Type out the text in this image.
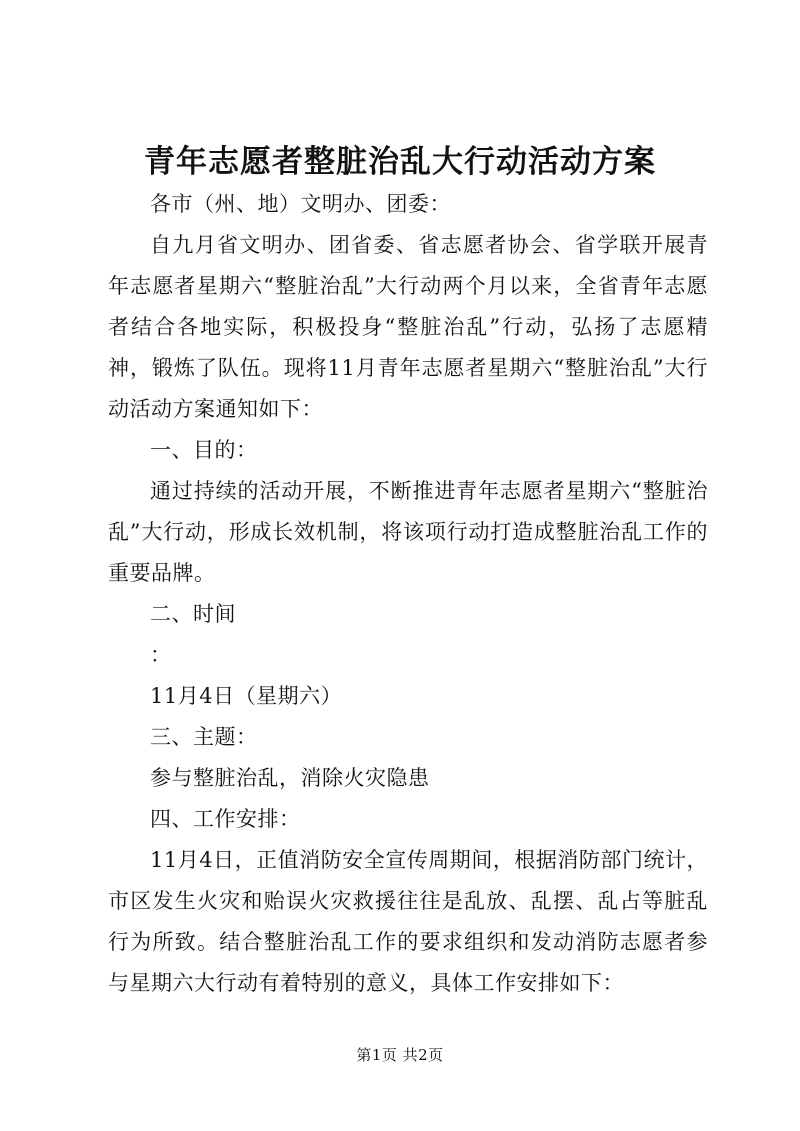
青年志愿者整脏治乱大行动活动方案

各市（州、地）文明办、团委：

自九月省文明办、团省委、省志愿者协会、省学联开展青年志愿者星期六“整脏治乱”大行动两个月以来，全省青年志愿者结合各地实际，积极投身“整脏治乱”行动，弘扬了志愿精神，锻炼了队伍。现将11月青年志愿者星期六“整脏治乱”大行动活动方案通知如下：

一、目的：

通过持续的活动开展，不断推进青年志愿者星期六“整脏治乱”大行动，形成长效机制，将该项行动打造成整脏治乱工作的重要品牌。

二、时间

：

11月4日（星期六）

三、主题：

参与整脏治乱，消除火灾隐患

四、工作安排：

11月4日，正值消防安全宣传周期间，根据消防部门统计，市区发生火灾和贻误火灾救援往往是乱放、乱摆、乱占等脏乱行为所致。结合整脏治乱工作的要求组织和发动消防志愿者参与星期六大行动有着特别的意义，具体工作安排如下：

第1页 共2页
